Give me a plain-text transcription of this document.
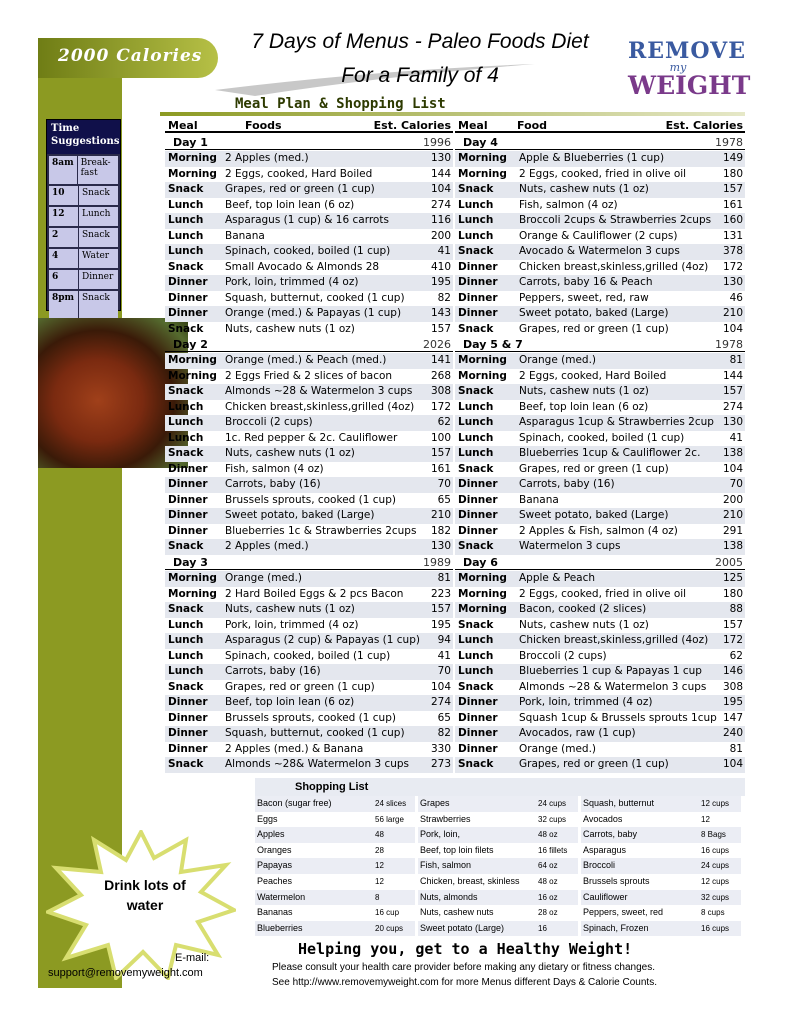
2000 Calories
7 Days of Menus - Paleo Foods Diet
For a Family of 4
REMOVE
my
WEIGHT
Meal Plan & Shopping List
Time Suggestions
8am Break-fast
10	Snack
12	Lunch
2	Snack
4	Water
6	Dinner
8pm Snack
Meal	Foods	Est. Calories Meal	Food	Est. Calories
Day 1	1996
Morning 2 Apples (med.)	130
Morning 2 Eggs, cooked, Hard Boiled	144
Snack Grapes, red or green (1 cup)	104
Lunch Beef, top loin lean (6 oz)	274
Lunch Asparagus (1 cup) & 16 carrots	116
Lunch Banana	200
Lunch Spinach, cooked, boiled (1 cup)	41
Snack Small Avocado & Almonds 28	410
Dinner Pork, loin, trimmed (4 oz)	195
Dinner Squash, butternut, cooked (1 cup)	82
Dinner Orange (med.) & Papayas (1 cup)	143
Snack Nuts, cashew nuts (1 oz)	157
Day 2	2026
Morning Orange (med.) & Peach (med.)	141
Morning 2 Eggs Fried & 2 slices of bacon	268
Snack Almonds ~28 & Watermelon 3 cups 308
Lunch Chicken breast,skinless,grilled (4oz) 172
Lunch Broccoli (2 cups)	62
Lunch 1c. Red pepper & 2c. Cauliflower	100
Snack Nuts, cashew nuts (1 oz)	157
Dinner Fish, salmon (4 oz)	161
Dinner Carrots, baby (16)	70
Dinner Brussels sprouts, cooked (1 cup)	65
Dinner Sweet potato, baked (Large)	210
Dinner Blueberries 1c & Strawberries 2cups 182
Snack 2 Apples (med.)	130
Day 3	1989
Morning Orange (med.)	81
Morning 2 Hard Boiled Eggs & 2 pcs Bacon	223
Snack Nuts, cashew nuts (1 oz)	157
Lunch Pork, loin, trimmed (4 oz)	195
Lunch Asparagus (2 cup) & Papayas (1 cup) 94
Lunch Spinach, cooked, boiled (1 cup)	41
Lunch Carrots, baby (16)	70
Snack Grapes, red or green (1 cup)	104
Dinner Beef, top loin lean (6 oz)	274
Dinner Brussels sprouts, cooked (1 cup)	65
Dinner Squash, butternut, cooked (1 cup)	82
Dinner 2 Apples (med.) & Banana	330
Snack Almonds ~28& Watermelon 3 cups 273
Day 4	1978
Morning Apple & Blueberries (1 cup)	149
Morning 2 Eggs, cooked, fried in olive oil	180
Snack Nuts, cashew nuts (1 oz)	157
Lunch Fish, salmon (4 oz)	161
Lunch Broccoli 2cups & Strawberries 2cups 160
Lunch Orange & Cauliflower (2 cups)	131
Snack Avocado & Watermelon 3 cups	378
Dinner Chicken breast,skinless,grilled (4oz) 172
Dinner Carrots, baby 16 & Peach	130
Dinner Peppers, sweet, red, raw	46
Dinner Sweet potato, baked (Large)	210
Snack Grapes, red or green (1 cup)	104
Day 5 & 7	1978
Morning Orange (med.)	81
Morning 2 Eggs, cooked, Hard Boiled	144
Snack Nuts, cashew nuts (1 oz)	157
Lunch Beef, top loin lean (6 oz)	274
Lunch Asparagus 1cup & Strawberries 2cup 130
Lunch Spinach, cooked, boiled (1 cup)	41
Lunch Blueberries 1cup & Cauliflower 2c. 138
Snack Grapes, red or green (1 cup)	104
Dinner Carrots, baby (16)	70
Dinner Banana	200
Dinner Sweet potato, baked (Large)	210
Dinner 2 Apples & Fish, salmon (4 oz)	291
Snack Watermelon 3 cups	138
Day 6	2005
Morning Apple & Peach	125
Morning 2 Eggs, cooked, fried in olive oil	180
Morning Bacon, cooked (2 slices)	88
Snack Nuts, cashew nuts (1 oz)	157
Lunch Chicken breast,skinless,grilled (4oz) 172
Lunch Broccoli (2 cups)	62
Lunch Blueberries 1 cup & Papayas 1 cup 146
Snack Almonds ~28 & Watermelon 3 cups 308
Dinner Pork, loin, trimmed (4 oz)	195
Dinner Squash 1cup & Brussels sprouts 1cup 147
Dinner Avocados, raw (1 cup)	240
Dinner Orange (med.)	81
Snack Grapes, red or green (1 cup)	104
Shopping List
Bacon (sugar free)	24 slices
Eggs	56 large
Apples	48
Oranges	28
Papayas	12
Peaches	12
Watermelon	8
Bananas	16 cup
Blueberries	20 cups
Grapes	24 cups
Strawberries	32 cups
Pork, loin,	48 oz
Beef, top loin filets	16 fillets
Fish, salmon	64 oz
Chicken, breast, skinless 48 oz
Nuts, almonds	16 oz
Nuts, cashew nuts	28 oz
Sweet potato (Large)	16
Squash, butternut	12 cups
Avocados	12
Carrots, baby	8 Bags
Asparagus	16 cups
Broccoli	24 cups
Brussels sprouts	12 cups
Cauliflower	32 cups
Peppers, sweet, red	8 cups
Spinach, Frozen	16 cups
Drink lots of water
E-mail:
support@removemyweight.com
Helping you, get to a Healthy Weight!
Please consult your health care provider before making any dietary or fitness changes.
See http://www.removemyweight.com for more Menus different Days & Calorie Counts.
